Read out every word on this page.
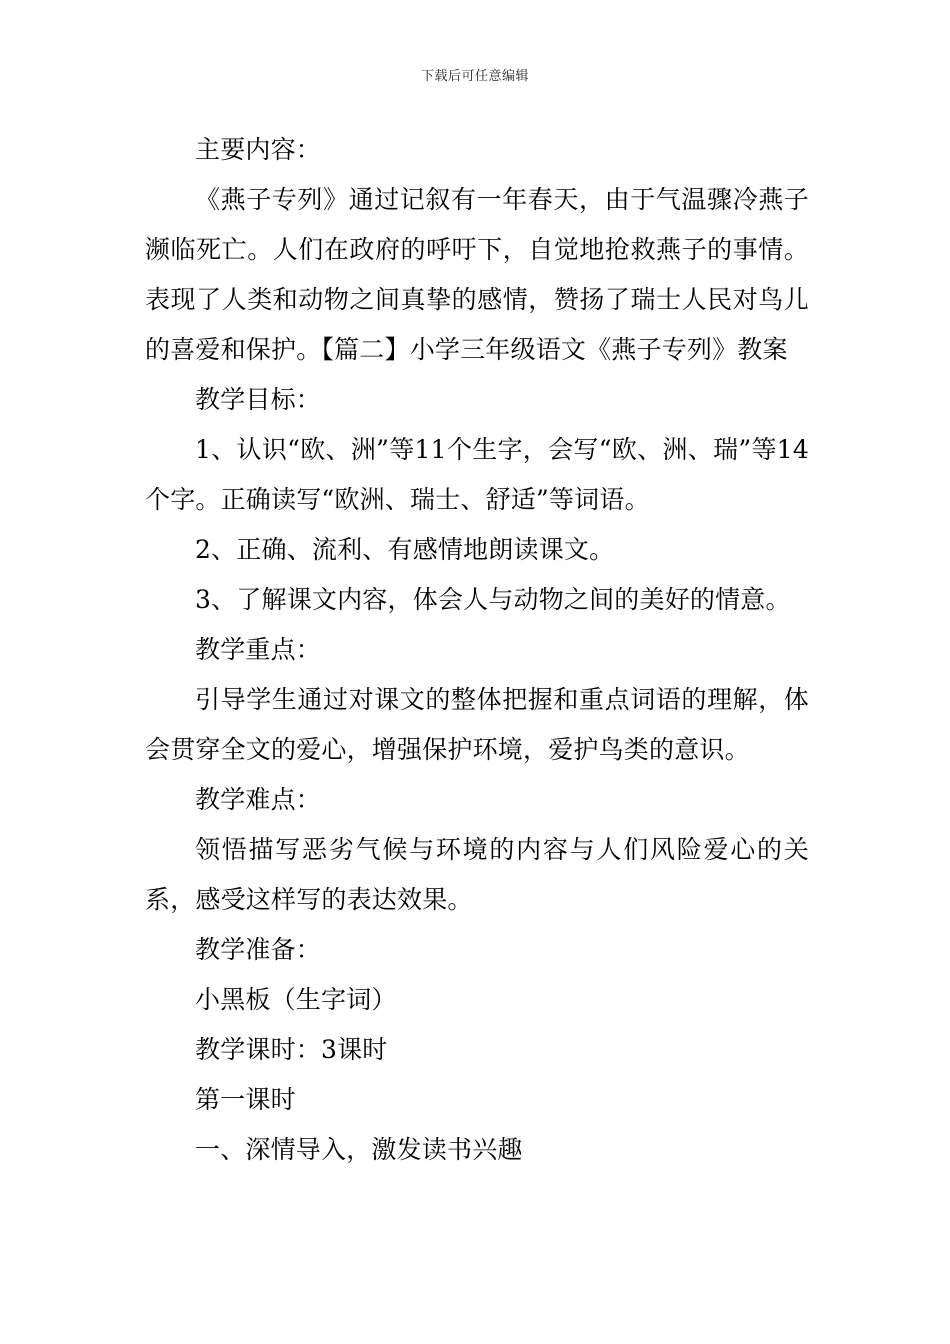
下载后可任意编辑

主要内容：

《燕子专列》通过记叙有一年春天，由于气温骤冷燕子濒临死亡。人们在政府的呼吁下，自觉地抢救燕子的事情。表现了人类和动物之间真挚的感情，赞扬了瑞士人民对鸟儿的喜爱和保护。【篇二】小学三年级语文《燕子专列》教案

教学目标：

1、认识“欧、洲”等11个生字，会写“欧、洲、瑞”等14个字。正确读写“欧洲、瑞士、舒适”等词语。

2、正确、流利、有感情地朗读课文。

3、了解课文内容，体会人与动物之间的美好的情意。

教学重点：

引导学生通过对课文的整体把握和重点词语的理解，体会贯穿全文的爱心，增强保护环境，爱护鸟类的意识。

教学难点：

领悟描写恶劣气候与环境的内容与人们风险爱心的关系，感受这样写的表达效果。

教学准备：

小黑板（生字词）

教学课时：3课时

第一课时

一、深情导入，激发读书兴趣
